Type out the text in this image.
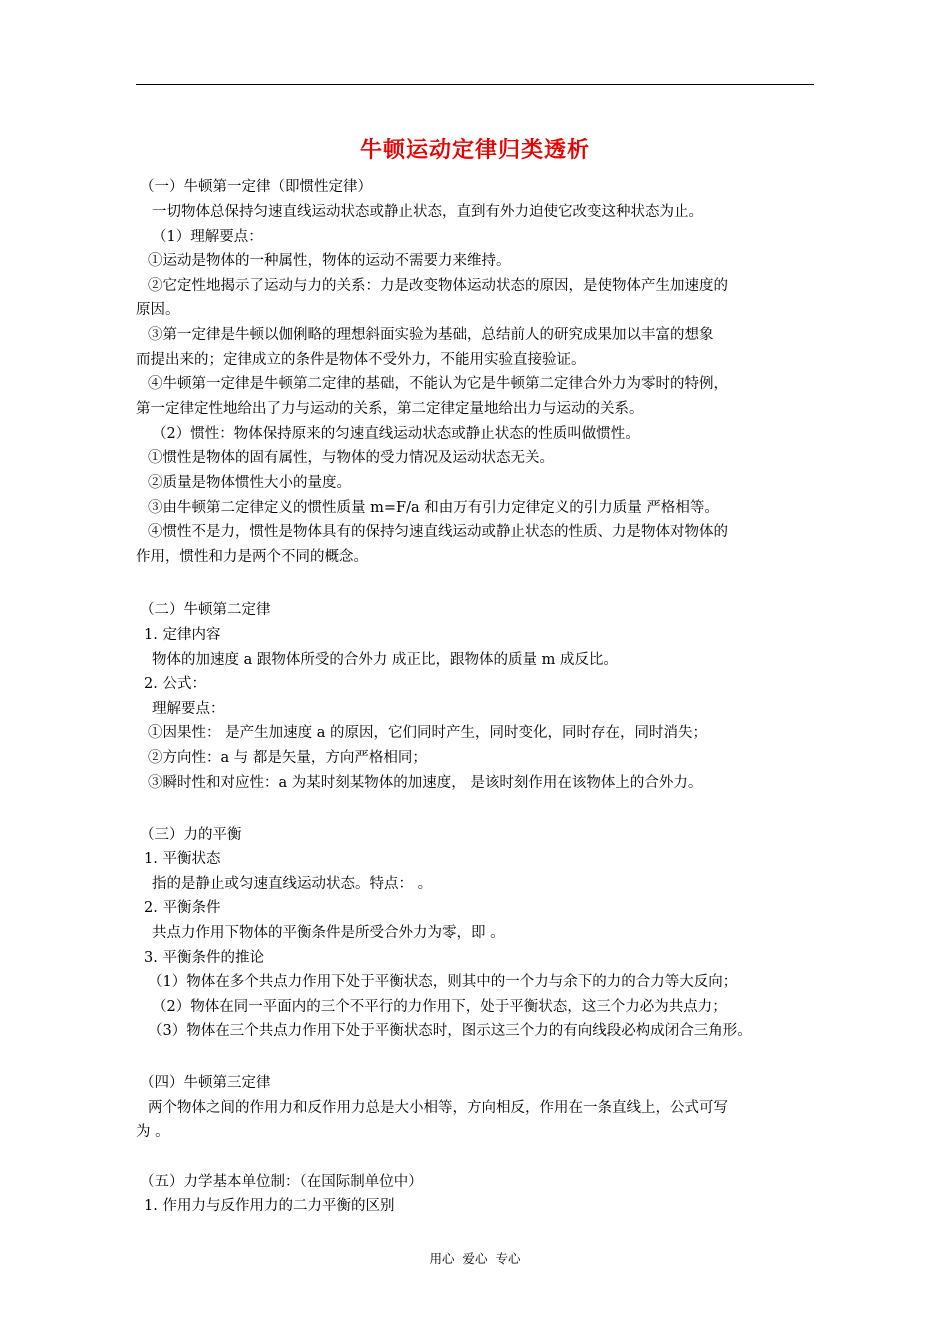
牛顿运动定律归类透析
（一）牛顿第一定律（即惯性定律）
一切物体总保持匀速直线运动状态或静止状态，直到有外力迫使它改变这种状态为止。
（1）理解要点：
①运动是物体的一种属性，物体的运动不需要力来维持。
②它定性地揭示了运动与力的关系：力是改变物体运动状态的原因，是使物体产生加速度的
原因。
③第一定律是牛顿以伽俐略的理想斜面实验为基础，总结前人的研究成果加以丰富的想象
而提出来的；定律成立的条件是物体不受外力，不能用实验直接验证。
④牛顿第一定律是牛顿第二定律的基础，不能认为它是牛顿第二定律合外力为零时的特例，
第一定律定性地给出了力与运动的关系，第二定律定量地给出力与运动的关系。
（2）惯性：物体保持原来的匀速直线运动状态或静止状态的性质叫做惯性。
①惯性是物体的固有属性，与物体的受力情况及运动状态无关。
②质量是物体惯性大小的量度。
③由牛顿第二定律定义的惯性质量 m=F/a 和由万有引力定律定义的引力质量 严格相等。
④惯性不是力，惯性是物体具有的保持匀速直线运动或静止状态的性质、力是物体对物体的
作用，惯性和力是两个不同的概念。
（二）牛顿第二定律
1. 定律内容
物体的加速度 a 跟物体所受的合外力 成正比，跟物体的质量 m 成反比。
2. 公式：
理解要点：
①因果性： 是产生加速度 a 的原因，它们同时产生，同时变化，同时存在，同时消失；
②方向性：a 与 都是矢量，方向严格相同；
③瞬时性和对应性：a 为某时刻某物体的加速度， 是该时刻作用在该物体上的合外力。
（三）力的平衡
1. 平衡状态
指的是静止或匀速直线运动状态。特点： 。
2. 平衡条件
共点力作用下物体的平衡条件是所受合外力为零，即 。
3. 平衡条件的推论
（1）物体在多个共点力作用下处于平衡状态，则其中的一个力与余下的力的合力等大反向；
（2）物体在同一平面内的三个不平行的力作用下，处于平衡状态，这三个力必为共点力；
（3）物体在三个共点力作用下处于平衡状态时，图示这三个力的有向线段必构成闭合三角形。
（四）牛顿第三定律
两个物体之间的作用力和反作用力总是大小相等，方向相反，作用在一条直线上，公式可写
为 。
（五）力学基本单位制：（在国际制单位中）
1. 作用力与反作用力的二力平衡的区别
用心 爱心 专心
